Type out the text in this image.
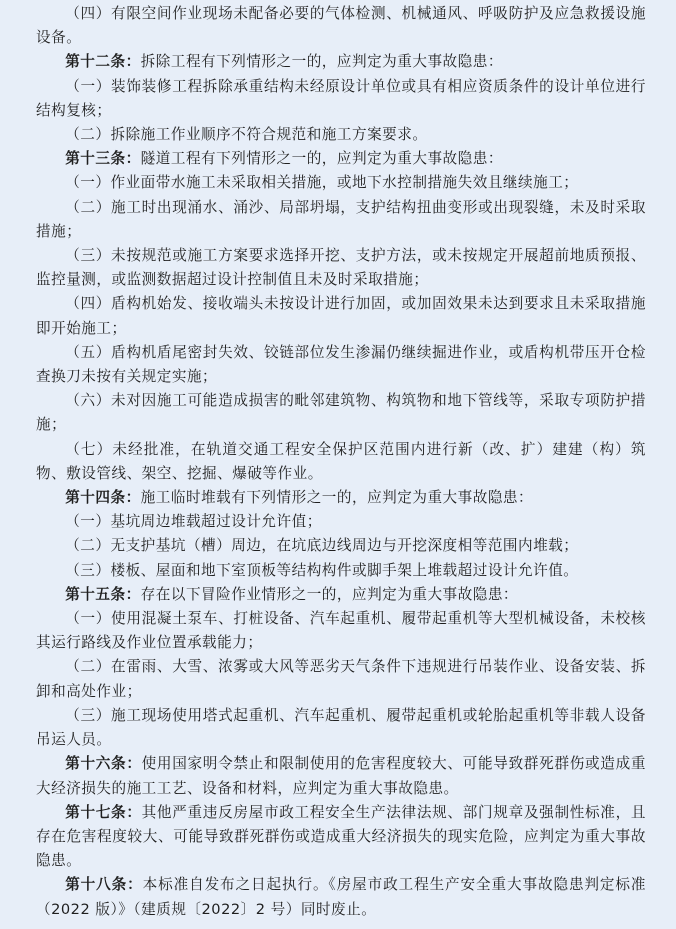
（四）有限空间作业现场未配备必要的气体检测、机械通风、呼吸防护及应急救援设施设备。

第十二条：拆除工程有下列情形之一的，应判定为重大事故隐患：

（一）装饰装修工程拆除承重结构未经原设计单位或具有相应资质条件的设计单位进行结构复核；

（二）拆除施工作业顺序不符合规范和施工方案要求。

第十三条：隧道工程有下列情形之一的，应判定为重大事故隐患：

（一）作业面带水施工未采取相关措施，或地下水控制措施失效且继续施工；

（二）施工时出现涌水、涌沙、局部坍塌，支护结构扭曲变形或出现裂缝，未及时采取措施；

（三）未按规范或施工方案要求选择开挖、支护方法，或未按规定开展超前地质预报、监控量测，或监测数据超过设计控制值且未及时采取措施；

（四）盾构机始发、接收端头未按设计进行加固，或加固效果未达到要求且未采取措施即开始施工；

（五）盾构机盾尾密封失效、铰链部位发生渗漏仍继续掘进作业，或盾构机带压开仓检查换刀未按有关规定实施；

（六）未对因施工可能造成损害的毗邻建筑物、构筑物和地下管线等，采取专项防护措施；

（七）未经批准，在轨道交通工程安全保护区范围内进行新（改、扩）建建（构）筑物、敷设管线、架空、挖掘、爆破等作业。

第十四条：施工临时堆载有下列情形之一的，应判定为重大事故隐患：

（一）基坑周边堆载超过设计允许值；

（二）无支护基坑（槽）周边，在坑底边线周边与开挖深度相等范围内堆载；

（三）楼板、屋面和地下室顶板等结构构件或脚手架上堆载超过设计允许值。

第十五条：存在以下冒险作业情形之一的，应判定为重大事故隐患：

（一）使用混凝土泵车、打桩设备、汽车起重机、履带起重机等大型机械设备，未校核其运行路线及作业位置承载能力；

（二）在雷雨、大雪、浓雾或大风等恶劣天气条件下违规进行吊装作业、设备安装、拆卸和高处作业；

（三）施工现场使用塔式起重机、汽车起重机、履带起重机或轮胎起重机等非载人设备吊运人员。

第十六条：使用国家明令禁止和限制使用的危害程度较大、可能导致群死群伤或造成重大经济损失的施工工艺、设备和材料，应判定为重大事故隐患。

第十七条：其他严重违反房屋市政工程安全生产法律法规、部门规章及强制性标准，且存在危害程度较大、可能导致群死群伤或造成重大经济损失的现实危险，应判定为重大事故隐患。

第十八条：本标准自发布之日起执行。《房屋市政工程生产安全重大事故隐患判定标准（2022 版）》（建质规〔2022〕2 号）同时废止。
